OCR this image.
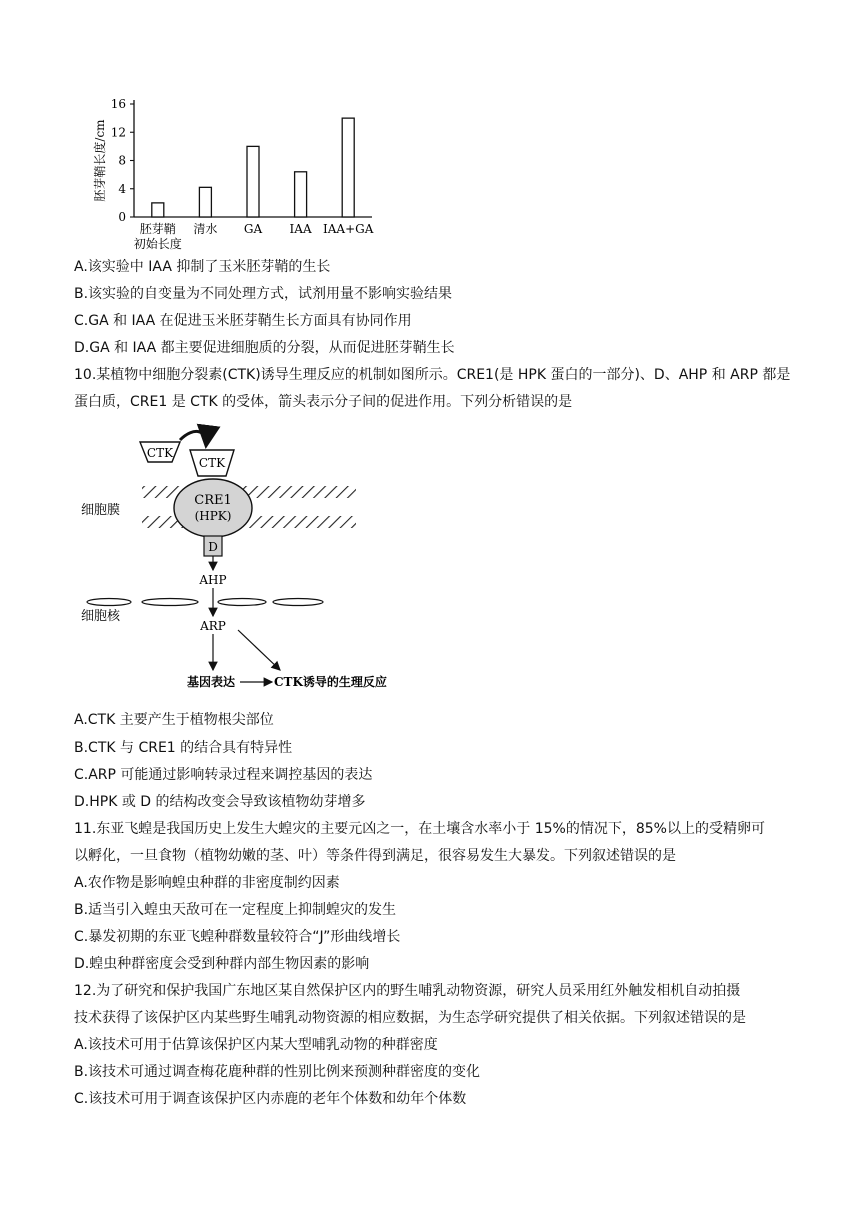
0
4
8
12
16
胚芽鞘长度/cm
胚芽鞘
初始长度
清水 GA IAA IAA+GA
A.该实验中 IAA 抑制了玉米胚芽鞘的生长
B.该实验的自变量为不同处理方式，试剂用量不影响实验结果
C.GA 和 IAA 在促进玉米胚芽鞘生长方面具有协同作用
D.GA 和 IAA 都主要促进细胞质的分裂，从而促进胚芽鞘生长
10.某植物中细胞分裂素(CTK)诱导生理反应的机制如图所示。CRE1(是 HPK 蛋白的一部分)、D、AHP 和 ARP 都是
蛋白质，CRE1 是 CTK 的受体，箭头表示分子间的促进作用。下列分析错误的是
CTK
CTK
细胞膜
CRE1
(HPK)
D
AHP
细胞核
ARP
基因表达	CTK诱导的生理反应
A.CTK 主要产生于植物根尖部位
B.CTK 与 CRE1 的结合具有特异性
C.ARP 可能通过影响转录过程来调控基因的表达
D.HPK 或 D 的结构改变会导致该植物幼芽增多
11.东亚飞蝗是我国历史上发生大蝗灾的主要元凶之一，在土壤含水率小于 15%的情况下，85%以上的受精卵可
以孵化，一旦食物（植物幼嫩的茎、叶）等条件得到满足，很容易发生大暴发。下列叙述错误的是
A.农作物是影响蝗虫种群的非密度制约因素
B.适当引入蝗虫天敌可在一定程度上抑制蝗灾的发生
C.暴发初期的东亚飞蝗种群数量较符合“J”形曲线增长
D.蝗虫种群密度会受到种群内部生物因素的影响
12.为了研究和保护我国广东地区某自然保护区内的野生哺乳动物资源，研究人员采用红外触发相机自动拍摄
技术获得了该保护区内某些野生哺乳动物资源的相应数据，为生态学研究提供了相关依据。下列叙述错误的是
A.该技术可用于估算该保护区内某大型哺乳动物的种群密度
B.该技术可通过调查梅花鹿种群的性别比例来预测种群密度的变化
C.该技术可用于调查该保护区内赤鹿的老年个体数和幼年个体数
